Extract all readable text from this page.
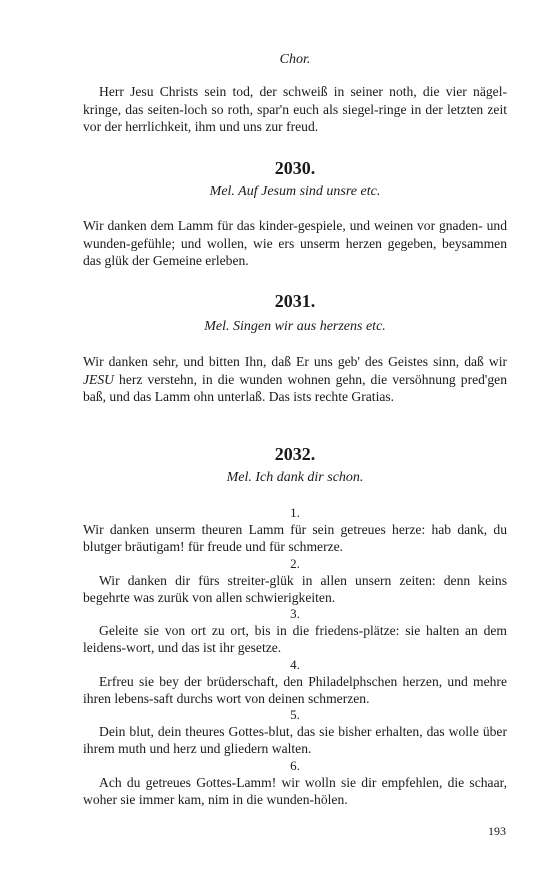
Chor.
Herr Jesu Christs sein tod, der schweiß in seiner noth, die vier nägel-kringe, das seiten-loch so roth, spar'n euch als siegel-ringe in der letzten zeit vor der herrlichkeit, ihm und uns zur freud.
2030.
Mel. Auf Jesum sind unsre etc.
Wir danken dem Lamm für das kinder-gespiele, und weinen vor gnaden- und wunden-gefühle; und wollen, wie ers unserm herzen gegeben, beysammen das glük der Gemeine erleben.
2031.
Mel. Singen wir aus herzens etc.
Wir danken sehr, und bitten Ihn, daß Er uns geb' des Geistes sinn, daß wir JESU herz verstehn, in die wunden wohnen gehn, die versöhnung pred'gen baß, und das Lamm ohn unterlaß. Das ists rechte Gratias.
2032.
Mel. Ich dank dir schon.
1.
Wir danken unserm theuren Lamm für sein getreues herze: hab dank, du blutger bräutigam! für freude und für schmerze.
2.
Wir danken dir fürs streiter-glük in allen unsern zeiten: denn keins begehrte was zurük von allen schwierigkeiten.
3.
Geleite sie von ort zu ort, bis in die friedens-plätze: sie halten an dem leidens-wort, und das ist ihr gesetze.
4.
Erfreu sie bey der brüderschaft, den Philadelphschen herzen, und mehre ihren lebens-saft durchs wort von deinen schmerzen.
5.
Dein blut, dein theures Gottes-blut, das sie bisher erhalten, das wolle über ihrem muth und herz und gliedern walten.
6.
Ach du getreues Gottes-Lamm! wir wolln sie dir empfehlen, die schaar, woher sie immer kam, nim in die wunden-hölen.
193
